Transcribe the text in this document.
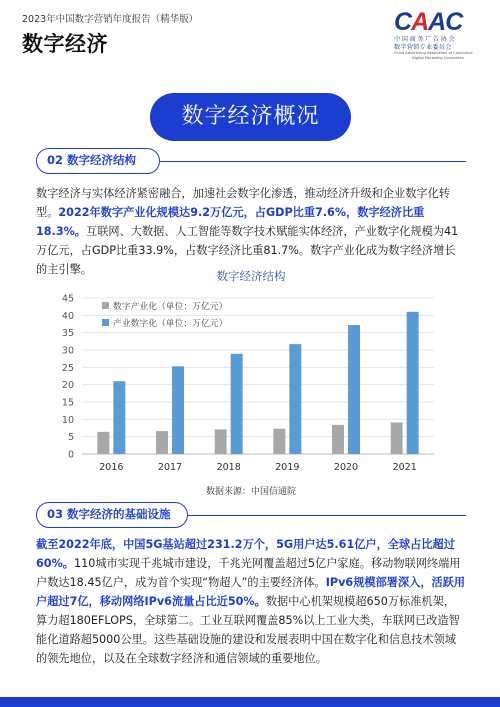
2023年中国数字营销年度报告（精华版）
数字经济
CAAC
中国商务广告协会
数字营销专业委员会
China Advertising Association of Commerce
Digital Marketing Committee
数字经济概况
02 数字经济结构
数字经济与实体经济紧密融合，加速社会数字化渗透，推动经济升级和企业数字化转型。2022年数字产业化规模达9.2万亿元，占GDP比重7.6%，数字经济比重18.3%。互联网、大数据、人工智能等数字技术赋能实体经济，产业数字化规模为41万亿元，占GDP比重33.9%，占数字经济比重81.7%。数字产业化成为数字经济增长的主引擎。	数字经济结构
0
5
10
15
20
25
30
35
40
45
2016	2017	2018	2019	2020	2021
数字产业化（单位：万亿元）
产业数字化（单位：万亿元）
数据来源：中国信通院
03 数字经济的基础设施
截至2022年底，中国5G基站超过231.2万个，5G用户达5.61亿户，全球占比超过60%。110城市实现千兆城市建设，千兆光网覆盖超过5亿户家庭。移动物联网终端用户数达18.45亿户，成为首个实现“物超人”的主要经济体。IPv6规模部署深入，活跃用户超过7亿，移动网络IPv6流量占比近50%。数据中心机架规模超650万标准机架，算力超180EFLOPS，全球第二。工业互联网覆盖85%以上工业大类，车联网已改造智能化道路超5000公里。这些基础设施的建设和发展表明中国在数字化和信息技术领域的领先地位，以及在全球数字经济和通信领域的重要地位。
